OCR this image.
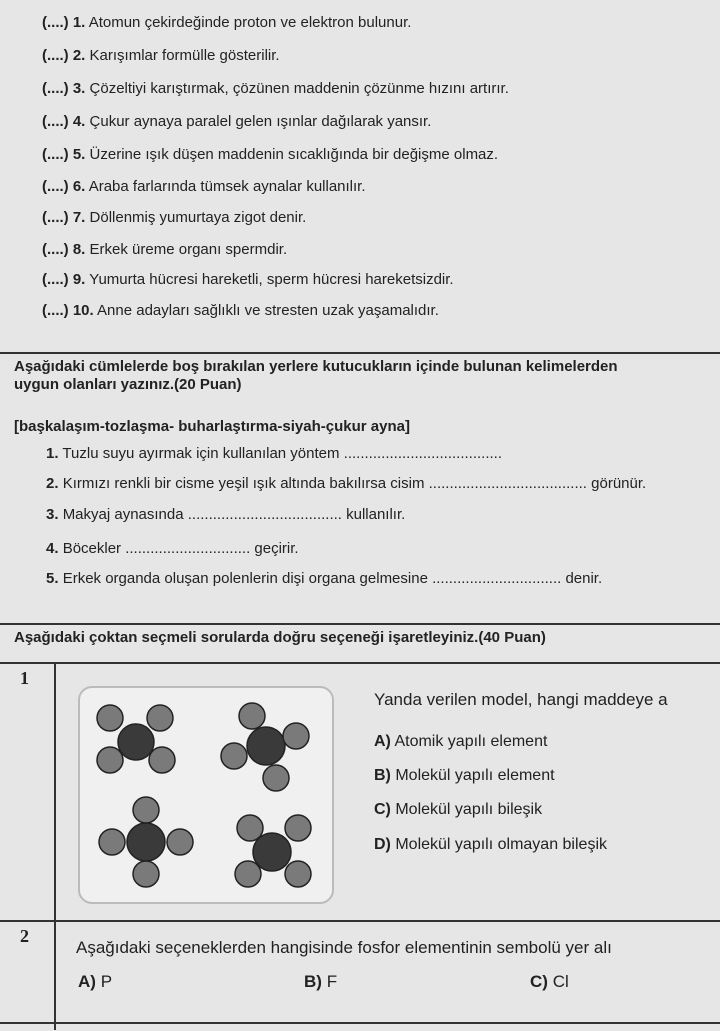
(....) 1. Atomun çekirdeğinde proton ve elektron bulunur.
(....) 2. Karışımlar formülle gösterilir.
(....) 3. Çözeltiyi karıştırmak, çözünen maddenin çözünme hızını artırır.
(....) 4. Çukur aynaya paralel gelen ışınlar dağılarak yansır.
(....) 5. Üzerine ışık düşen maddenin sıcaklığında bir değişme olmaz.
(....) 6. Araba farlarında tümsek aynalar kullanılır.
(....) 7. Döllenmiş yumurtaya zigot denir.
(....) 8. Erkek üreme organı spermdir.
(....) 9. Yumurta hücresi hareketli, sperm hücresi hareketsizdir.
(....) 10. Anne adayları sağlıklı ve stresten uzak yaşamalıdır.
Aşağıdaki cümlelerde boş bırakılan yerlere kutucukların içinde bulunan kelimelerden
uygun olanları yazınız.(20 Puan)
[başkalaşım-tozlaşma- buharlaştırma-siyah-çukur ayna]
1. Tuzlu suyu ayırmak için kullanılan yöntem ......................................
2. Kırmızı renkli bir cisme yeşil ışık altında bakılırsa cisim ...................................... görünür.
3. Makyaj aynasında ..................................... kullanılır.
4. Böcekler .............................. geçirir.
5. Erkek organda oluşan polenlerin dişi organa gelmesine ............................... denir.
Aşağıdaki çoktan seçmeli sorularda doğru seçeneği işaretleyiniz.(40 Puan)
1
Yanda verilen model, hangi maddeye a
A) Atomik yapılı element
B) Molekül yapılı element
C) Molekül yapılı bileşik
D) Molekül yapılı olmayan bileşik
2
Aşağıdaki seçeneklerden hangisinde fosfor elementinin sembolü yer alı
A) P	B) F	C) Cl
